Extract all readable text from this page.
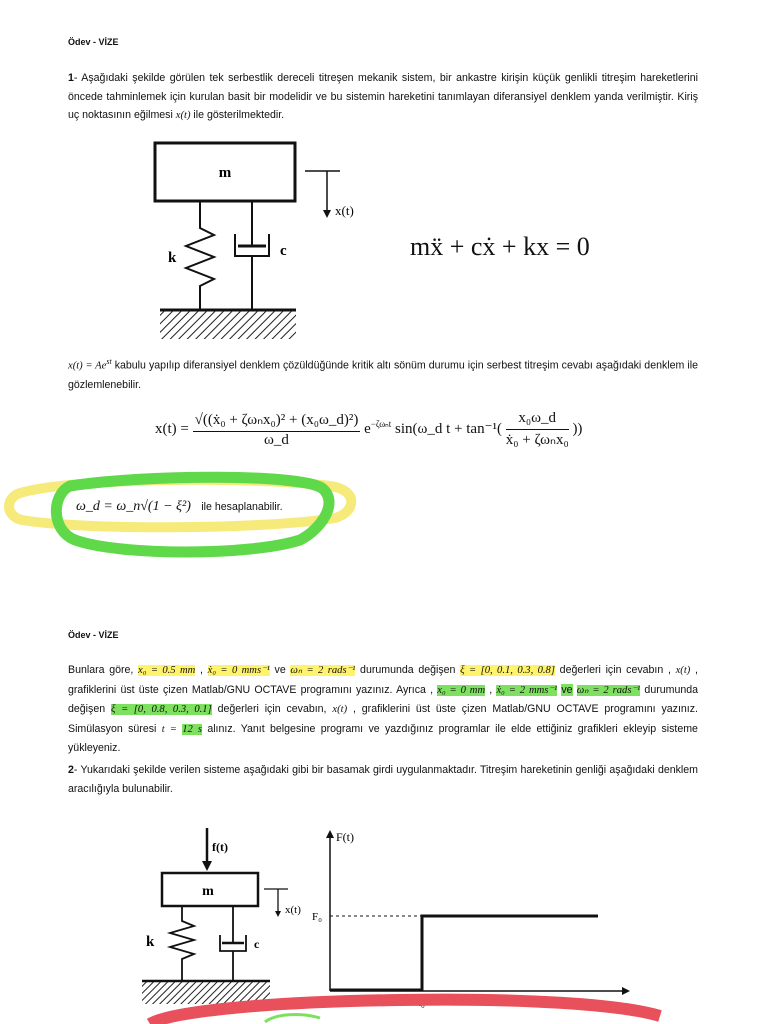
Ödev - VİZE
1- Aşağıdaki şekilde görülen tek serbestlik dereceli titreşen mekanik sistem, bir ankastre kirişin küçük genlikli titreşim hareketlerini öncede tahminlemek için kurulan basit bir modelidir ve bu sistemin hareketini tanımlayan diferansiyel denklem yanda verilmiştir. Kiriş uç noktasının eğilmesi x(t) ile gösterilmektedir.
m
k	c
x(t)
mẍ + cẋ + kx = 0
$x(t) = Ae^{st}$ kabulu yapılıp diferansiyel denklem çözüldüğünde kritik altı sönüm durumu için serbest titreşim cevabı aşağıdaki denklem ile gözlemlenebilir.
$x(t) = \frac{\text{√((ẋ₀ + ζωₙx₀)² + (x₀ω\_d)²)}}{\omega\_d} e^{-\zeta\omega_nt}$ sin(ω_d $t + \tan^{-1}( \frac{\text{x₀ω\_d}}{\text{ẋ₀ + ζωₙx₀}}$ ))
ω_d = ω_n√(1 − ξ²) ile hesaplanabilir.
Ödev - VİZE
Bunlara göre, x₀ = 0.5 mm , ẋ₀ = 0 mms⁻¹ ve ωₙ = 2 rads⁻¹ durumunda değişen ξ = [0, 0.1, 0.3, 0.8] değerleri için cevabın , x(t) , grafiklerini üst üste çizen Matlab/GNU OCTAVE programını yazınız. Ayrıca , x₀ = 0 mm , ẋ₀ = 2 mms⁻¹ ve ωₙ = 2 rads⁻¹ durumunda değişen ξ = [0, 0.8, 0.3, 0.1] değerleri için cevabın, x(t) , grafiklerini üst üste çizen Matlab/GNU OCTAVE programını yazınız. Simülasyon süresi t = 12 s alınız. Yanıt belgesine programı ve yazdığınız programlar ile elde ettiğiniz grafikleri ekleyip sisteme yükleyeniz.
2- Yukarıdaki şekilde verilen sisteme aşağıdaki gibi bir basamak girdi uygulanmaktadır. Titreşim hareketinin genliği aşağıdaki denklem aracılığıyla bulunabilir.
f(t)
m
k	c
x(t)
F(t)
t
F₀
t₀
